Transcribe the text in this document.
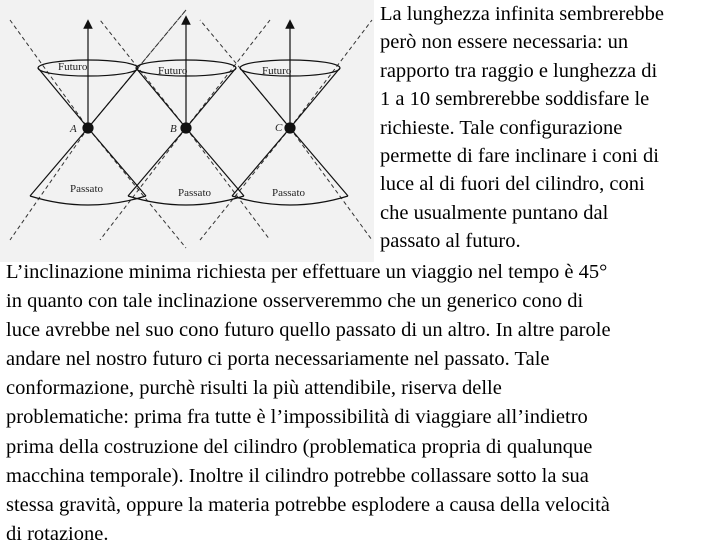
Futuro	Futuro	Futuro
A	B	C
Passato	Passato	Passato
La lunghezza infinita sembrerebbe
però non essere necessaria: un
rapporto tra raggio e lunghezza di
1 a 10 sembrerebbe soddisfare le
richieste. Tale configurazione
permette di fare inclinare i coni di
luce al di fuori del cilindro, coni
che usualmente puntano dal
passato al futuro.
L’inclinazione minima richiesta per effettuare un viaggio nel tempo è 45°
in quanto con tale inclinazione osserveremmo che un generico cono di
luce avrebbe nel suo cono futuro quello passato di un altro. In altre parole
andare nel nostro futuro ci porta necessariamente nel passato. Tale
conformazione, purchè risulti la più attendibile, riserva delle
problematiche: prima fra tutte è l’impossibilità di viaggiare all’indietro
prima della costruzione del cilindro (problematica propria di qualunque
macchina temporale). Inoltre il cilindro potrebbe collassare sotto la sua
stessa gravità, oppure la materia potrebbe esplodere a causa della velocità
di rotazione.
